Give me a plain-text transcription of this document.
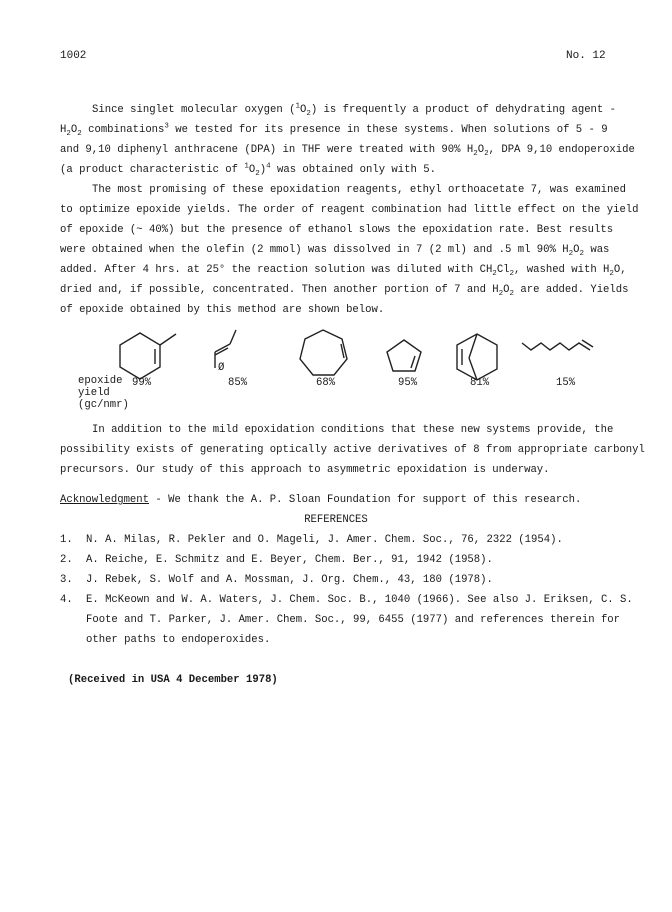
1002	No. 12
Since singlet molecular oxygen $(^1O_2)$ is frequently a product of dehydrating agent -
$H_2O_2$ combinations$^3$ we tested for its presence in these systems. When solutions of 5 - 9
and 9,10 diphenyl anthracene (DPA) in THF were treated with 90% $H_2O_2$, DPA 9,10 endoperoxide
(a product characteristic of $^1O_2)^4$ was obtained only with 5.
The most promising of these epoxidation reagents, ethyl orthoacetate 7, was examined
to optimize epoxide yields. The order of reagent combination had little effect on the yield
of epoxide (~ 40%) but the presence of ethanol slows the epoxidation rate. Best results
were obtained when the olefin (2 mmol) was dissolved in 7 (2 ml) and .5 ml 90% $H_2O_2$ was
added. After 4 hrs. at 25° the reaction solution was diluted with $CH_2Cl_2$, washed with $H_2O$,
dried and, if possible, concentrated. Then another portion of 7 and $H_2O_2$ are added. Yields
of epoxide obtained by this method are shown below.
Ø
epoxide
yield
(gc/nmr)
99%	85%	68%	95%	81%	15%
In addition to the mild epoxidation conditions that these new systems provide, the
possibility exists of generating optically active derivatives of 8 from appropriate carbonyl
precursors. Our study of this approach to asymmetric epoxidation is underway.
Acknowledgment - We thank the A. P. Sloan Foundation for support of this research.
REFERENCES
1. N. A. Milas, R. Pekler and O. Mageli, J. Amer. Chem. Soc., 76, 2322 (1954).
2. A. Reiche, E. Schmitz and E. Beyer, Chem. Ber., 91, 1942 (1958).
3. J. Rebek, S. Wolf and A. Mossman, J. Org. Chem., 43, 180 (1978).
4. E. McKeown and W. A. Waters, J. Chem. Soc. B., 1040 (1966). See also J. Eriksen, C. S.
Foote and T. Parker, J. Amer. Chem. Soc., 99, 6455 (1977) and references therein for
other paths to endoperoxides.
(Received in USA 4 December 1978)
